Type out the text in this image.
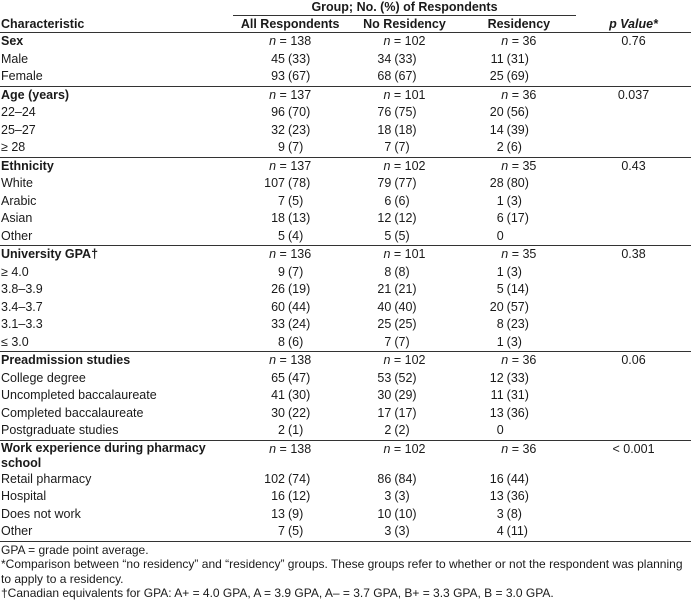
	Group; No. (%) of Respondents			
Characteristic	All Respondents	No Residency	Residency	p Value*
Sex	n = 138	n = 102	n = 36	0.76
Male	45 (33)	34 (33)	11 (31)	
Female	93 (67)	68 (67)	25 (69)	
Age (years)	n = 137	n = 101	n = 36	0.037
22–24	96 (70)	76 (75)	20 (56)	
25–27	32 (23)	18 (18)	14 (39)	
≥ 28	9 (7)	7 (7)	2 (6)	
Ethnicity	n = 137	n = 102	n = 35	0.43
White	107 (78)	79 (77)	28 (80)	
Arabic	7 (5)	6 (6)	1 (3)	
Asian	18 (13)	12 (12)	6 (17)	
Other	5 (4)	5 (5)	0	
University GPA†	n = 136	n = 101	n = 35	0.38
≥ 4.0	9 (7)	8 (8)	1 (3)	
3.8–3.9	26 (19)	21 (21)	5 (14)	
3.4–3.7	60 (44)	40 (40)	20 (57)	
3.1–3.3	33 (24)	25 (25)	8 (23)	
≤ 3.0	8 (6)	7 (7)	1 (3)	
Preadmission studies	n = 138	n = 102	n = 36	0.06
College degree	65 (47)	53 (52)	12 (33)	
Uncompleted baccalaureate	41 (30)	30 (29)	11 (31)	
Completed baccalaureate	30 (22)	17 (17)	13 (36)	
Postgraduate studies	2 (1)	2 (2)	0	
Work experience during pharmacy school	n = 138	n = 102	n = 36	< 0.001
Retail pharmacy	102 (74)	86 (84)	16 (44)	
Hospital	16 (12)	3 (3)	13 (36)	
Does not work	13 (9)	10 (10)	3 (8)	
Other	7 (5)	3 (3)	4 (11)	
GPA = grade point average.
*Comparison between “no residency” and “residency” groups. These groups refer to whether or not the respondent was planning to apply to a residency.
†Canadian equivalents for GPA: A+ = 4.0 GPA, A = 3.9 GPA, A– = 3.7 GPA, B+ = 3.3 GPA, B = 3.0 GPA.
